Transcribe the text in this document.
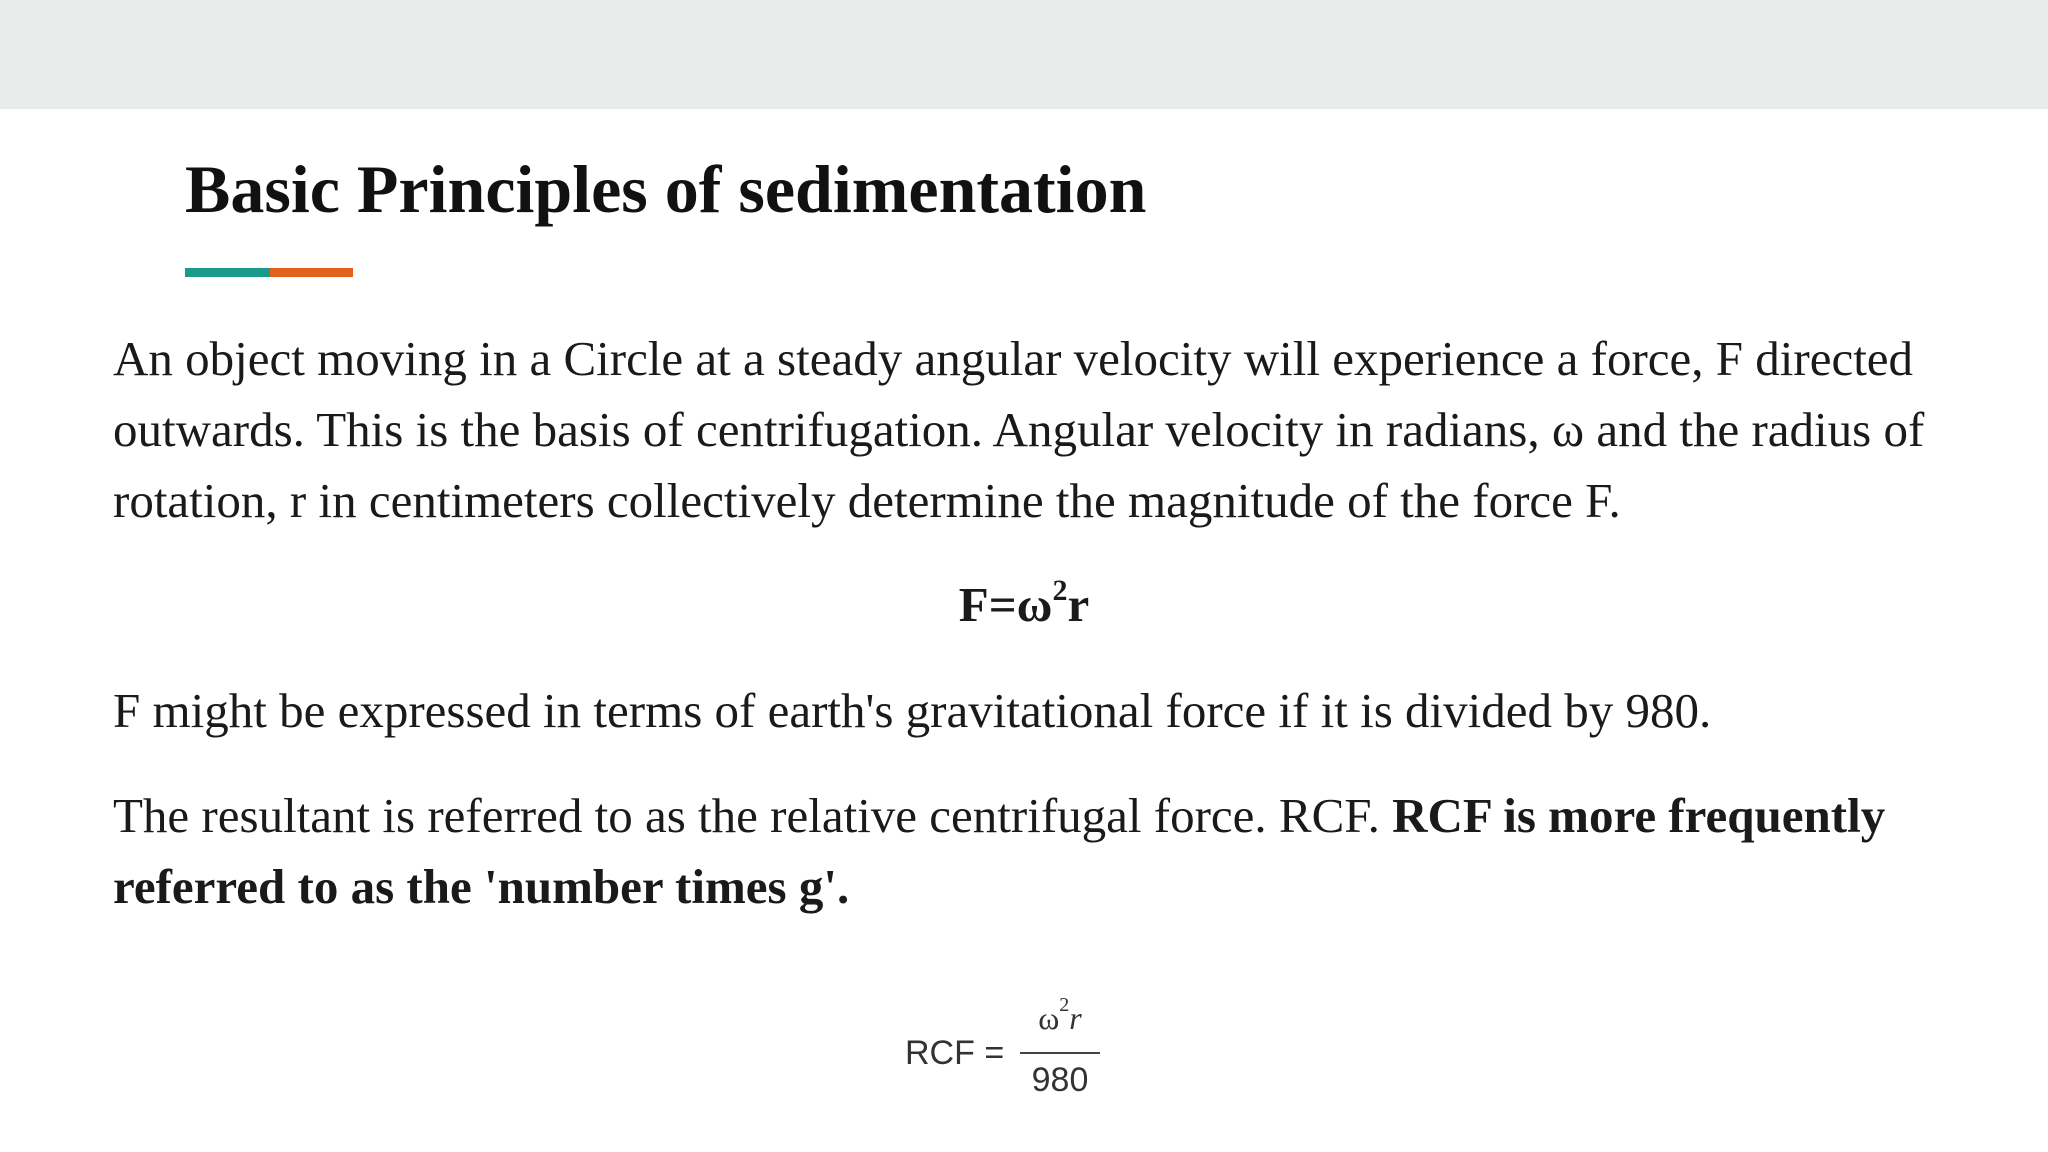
Basic Principles of sedimentation

An object moving in a Circle at a steady angular velocity will experience a force, F directed outwards. This is the basis of centrifugation. Angular velocity in radians, ω and the radius of rotation, r in centimeters collectively determine the magnitude of the force F.

$F=\omega^2r$

F might be expressed in terms of earth's gravitational force if it is divided by 980.

The resultant is referred to as the relative centrifugal force. RCF. RCF is more frequently referred to as the 'number times g'.

RCF =
$\omega^2r$
980
